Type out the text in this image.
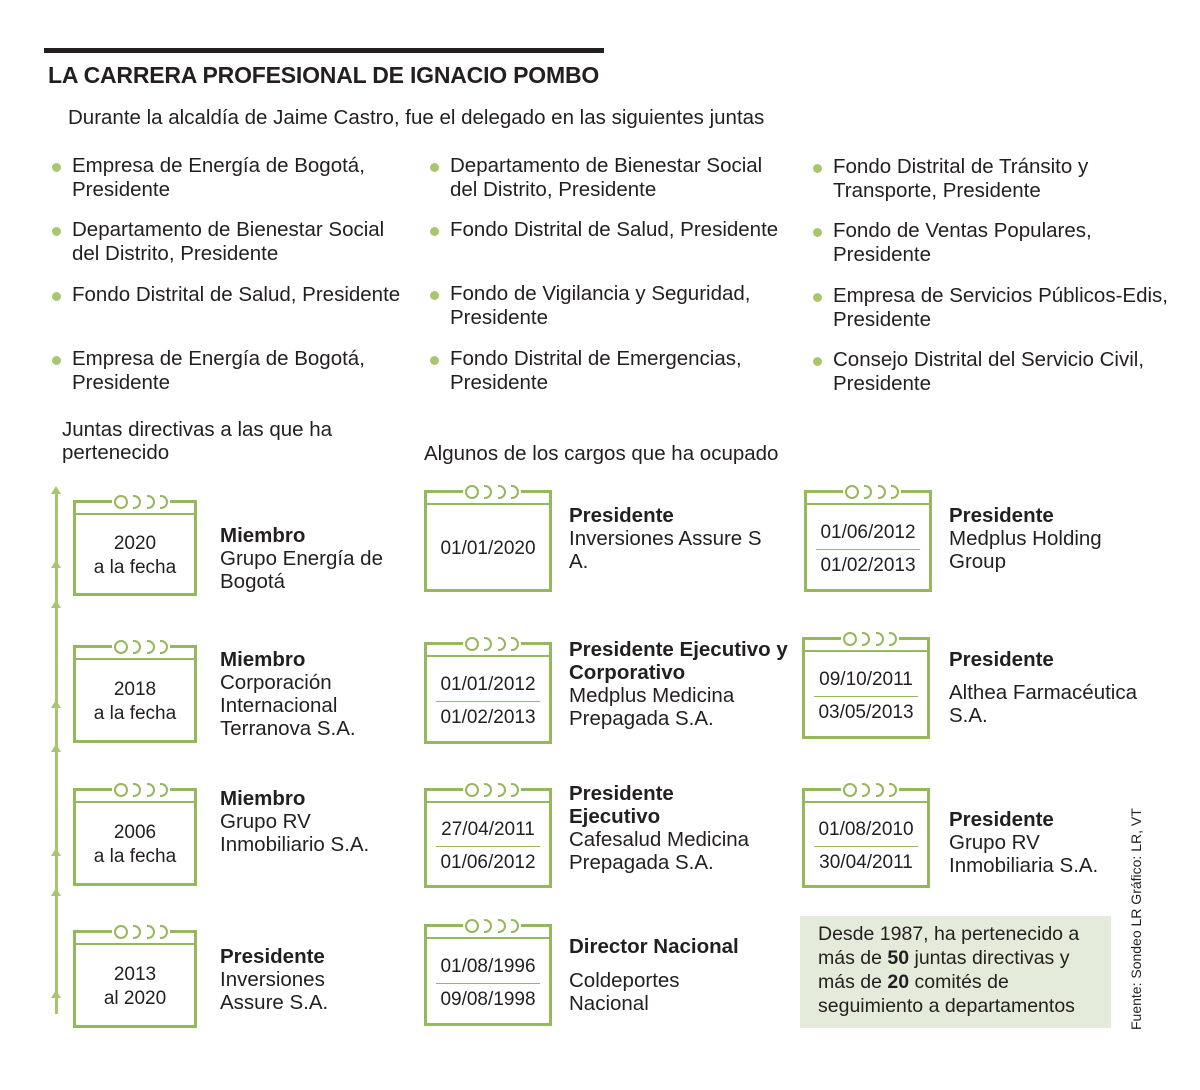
LA CARRERA PROFESIONAL DE IGNACIO POMBO
Durante la alcaldía de Jaime Castro, fue el delegado en las siguientes juntas
Empresa de Energía de Bogotá, Presidente
Departamento de Bienestar Social del Distrito, Presidente
Fondo Distrital de Salud, Presidente
Empresa de Energía de Bogotá, Presidente
Departamento de Bienestar Social del Distrito, Presidente
Fondo Distrital de Salud, Presidente
Fondo de Vigilancia y Seguridad, Presidente
Fondo Distrital de Emergencias, Presidente
Fondo Distrital de Tránsito y Transporte, Presidente
Fondo de Ventas Populares, Presidente
Empresa de Servicios Públicos-Edis, Presidente
Consejo Distrital del Servicio Civil, Presidente
Juntas directivas a las que ha pertenecido	Algunos de los cargos que ha ocupado
2020
a la fecha
Miembro
Grupo Energía de Bogotá
2018
a la fecha
Miembro
Corporación Internacional Terranova S.A.
2006
a la fecha
Miembro
Grupo RV Inmobiliario S.A.
2013
al 2020
Presidente
Inversiones Assure S.A.
01/01/2020
Presidente
Inversiones Assure S A.
01/06/2012
01/02/2013
Presidente
Medplus Holding Group
01/01/2012
01/02/2013
Presidente Ejecutivo y Corporativo
Medplus Medicina Prepagada S.A.
09/10/2011
03/05/2013
Presidente
Althea Farmacéutica S.A.
27/04/2011
01/06/2012
Presidente Ejecutivo
Cafesalud Medicina Prepagada S.A.
01/08/2010
30/04/2011
Presidente
Grupo RV Inmobiliaria S.A.
01/08/1996
09/08/1998
Director Nacional
Coldeportes Nacional
Desde 1987, ha pertenecido a más de 50 juntas directivas y más de 20 comités de seguimiento a departamentos	Fuente: Sondeo LR Gráfico: LR, VT
